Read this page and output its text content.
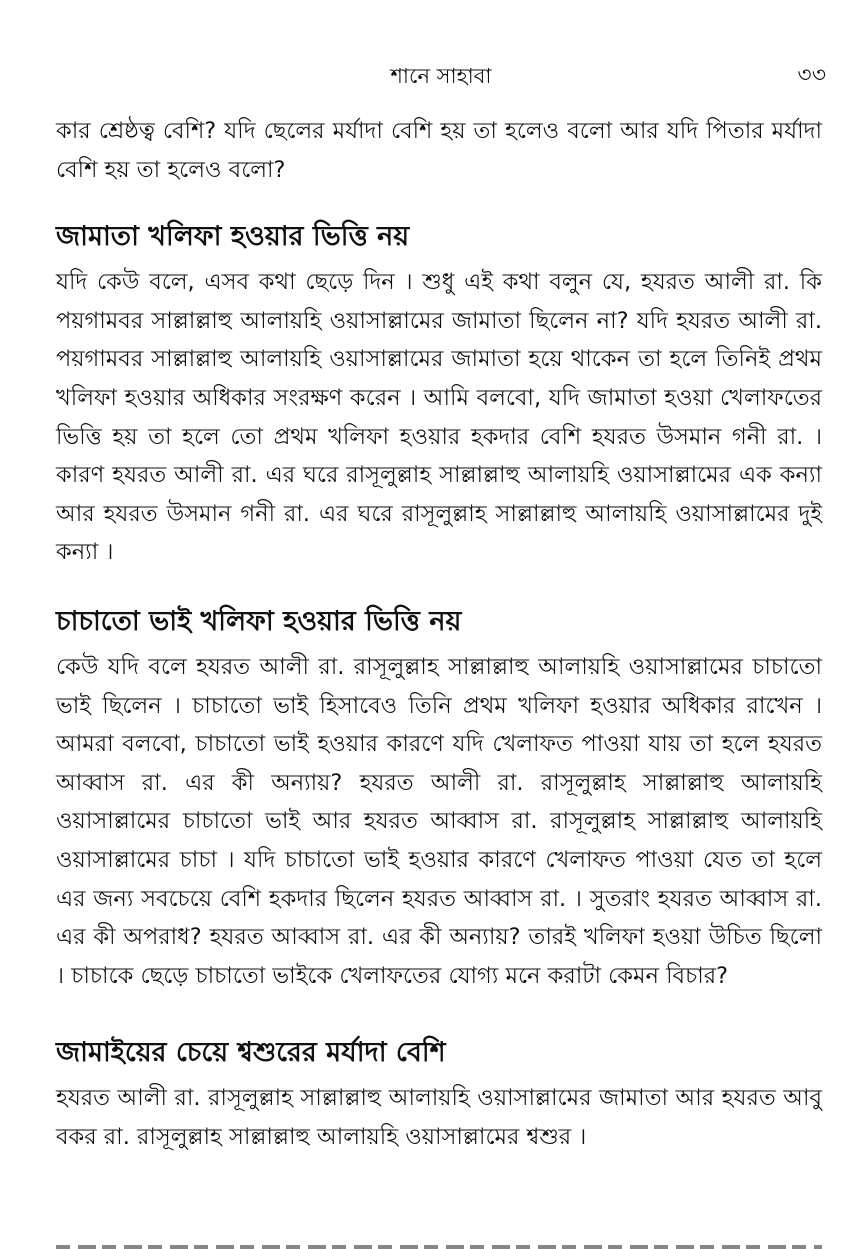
শানে সাহাবা	৩৩

কার শ্রেষ্ঠত্ব বেশি? যদি ছেলের মর্যাদা বেশি হয় তা হলেও বলো আর যদি পিতার মর্যাদা বেশি হয় তা হলেও বলো?

জামাতা খলিফা হওয়ার ভিত্তি নয়

যদি কেউ বলে, এসব কথা ছেড়ে দিন । শুধু এই কথা বলুন যে, হযরত আলী রা. কি পয়গামবর সাল্লাল্লাহু আলায়হি ওয়াসাল্লামের জামাতা ছিলেন না? যদি হযরত আলী রা. পয়গামবর সাল্লাল্লাহু আলায়হি ওয়াসাল্লামের জামাতা হয়ে থাকেন তা হলে তিনিই প্রথম খলিফা হওয়ার অধিকার সংরক্ষণ করেন । আমি বলবো, যদি জামাতা হওয়া খেলাফতের ভিত্তি হয় তা হলে তো প্রথম খলিফা হওয়ার হকদার বেশি হযরত উসমান গনী রা. । কারণ হযরত আলী রা. এর ঘরে রাসূলুল্লাহ সাল্লাল্লাহু আলায়হি ওয়াসাল্লামের এক কন্যা আর হযরত উসমান গনী রা. এর ঘরে রাসূলুল্লাহ সাল্লাল্লাহু আলায়হি ওয়াসাল্লামের দুই কন্যা ।

চাচাতো ভাই খলিফা হওয়ার ভিত্তি নয়

কেউ যদি বলে হযরত আলী রা. রাসূলুল্লাহ সাল্লাল্লাহু আলায়হি ওয়াসাল্লামের চাচাতো ভাই ছিলেন । চাচাতো ভাই হিসাবেও তিনি প্রথম খলিফা হওয়ার অধিকার রাখেন । আমরা বলবো, চাচাতো ভাই হওয়ার কারণে যদি খেলাফত পাওয়া যায় তা হলে হযরত আব্বাস রা. এর কী অন্যায়? হযরত আলী রা. রাসূলুল্লাহ সাল্লাল্লাহু আলায়হি ওয়াসাল্লামের চাচাতো ভাই আর হযরত আব্বাস রা. রাসূলুল্লাহ সাল্লাল্লাহু আলায়হি ওয়াসাল্লামের চাচা । যদি চাচাতো ভাই হওয়ার কারণে খেলাফত পাওয়া যেত তা হলে এর জন্য সবচেয়ে বেশি হকদার ছিলেন হযরত আব্বাস রা. । সুতরাং হযরত আব্বাস রা. এর কী অপরাধ? হযরত আব্বাস রা. এর কী অন্যায়? তারই খলিফা হওয়া উচিত ছিলো । চাচাকে ছেড়ে চাচাতো ভাইকে খেলাফতের যোগ্য মনে করাটা কেমন বিচার?

জামাইয়ের চেয়ে শ্বশুরের মর্যাদা বেশি

হযরত আলী রা. রাসূলুল্লাহ সাল্লাল্লাহু আলায়হি ওয়াসাল্লামের জামাতা আর হযরত আবু বকর রা. রাসূলুল্লাহ সাল্লাল্লাহু আলায়হি ওয়াসাল্লামের শ্বশুর ।
